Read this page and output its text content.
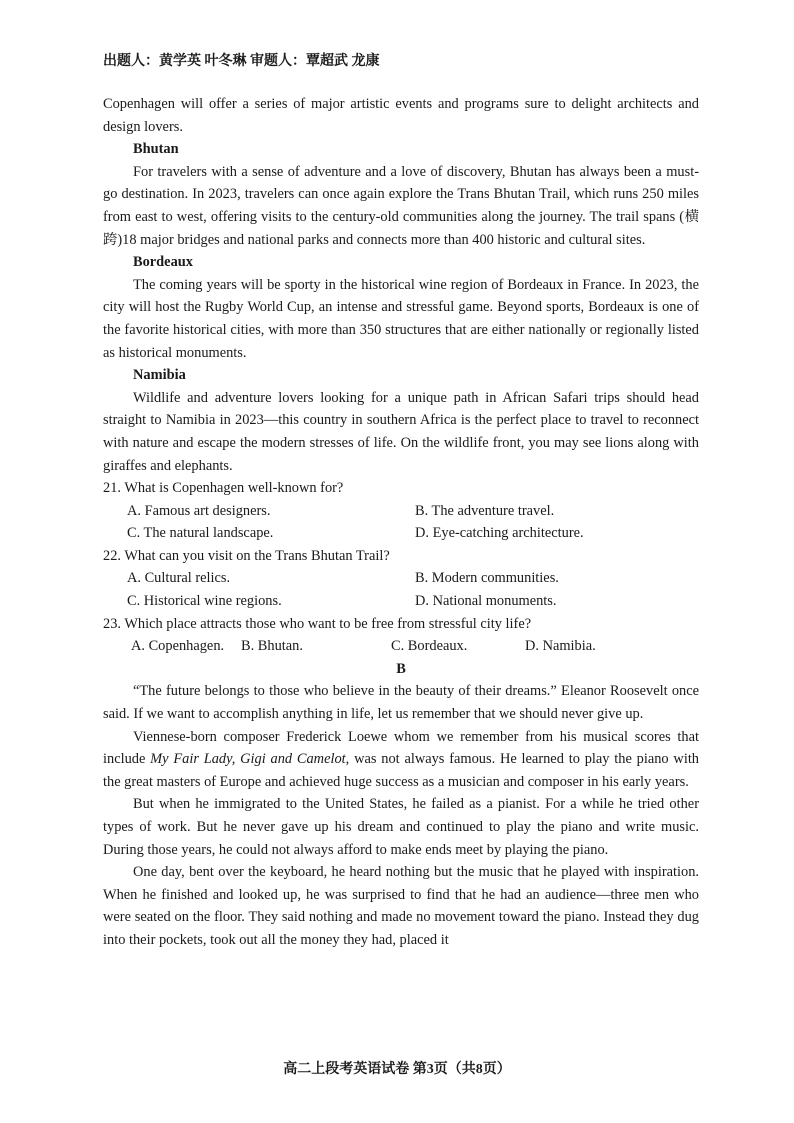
出题人：黄学英 叶冬琳 审题人：覃超武 龙康

Copenhagen will offer a series of major artistic events and programs sure to delight architects and design lovers.

Bhutan

For travelers with a sense of adventure and a love of discovery, Bhutan has always been a must-go destination. In 2023, travelers can once again explore the Trans Bhutan Trail, which runs 250 miles from east to west, offering visits to the century-old communities along the journey. The trail spans (横跨)18 major bridges and national parks and connects more than 400 historic and cultural sites.

Bordeaux

The coming years will be sporty in the historical wine region of Bordeaux in France. In 2023, the city will host the Rugby World Cup, an intense and stressful game. Beyond sports, Bordeaux is one of the favorite historical cities, with more than 350 structures that are either nationally or regionally listed as historical monuments.

Namibia

Wildlife and adventure lovers looking for a unique path in African Safari trips should head straight to Namibia in 2023—this country in southern Africa is the perfect place to travel to reconnect with nature and escape the modern stresses of life. On the wildlife front, you may see lions along with giraffes and elephants.

21. What is Copenhagen well-known for?
A. Famous art designers.	B. The adventure travel.
C. The natural landscape.	D. Eye-catching architecture.
22. What can you visit on the Trans Bhutan Trail?
A. Cultural relics.	B. Modern communities.
C. Historical wine regions.	D. National monuments.
23. Which place attracts those who want to be free from stressful city life?
A. Copenhagen.	B. Bhutan.	C. Bordeaux.	D. Namibia.
B

“The future belongs to those who believe in the beauty of their dreams.” Eleanor Roosevelt once said. If we want to accomplish anything in life, let us remember that we should never give up.

Viennese-born composer Frederick Loewe whom we remember from his musical scores that include My Fair Lady, Gigi and Camelot, was not always famous. He learned to play the piano with the great masters of Europe and achieved huge success as a musician and composer in his early years.

But when he immigrated to the United States, he failed as a pianist. For a while he tried other types of work. But he never gave up his dream and continued to play the piano and write music. During those years, he could not always afford to make ends meet by playing the piano.

One day, bent over the keyboard, he heard nothing but the music that he played with inspiration. When he finished and looked up, he was surprised to find that he had an audience—three men who were seated on the floor. They said nothing and made no movement toward the piano. Instead they dug into their pockets, took out all the money they had, placed it

高二上段考英语试卷 第3页（共8页）
